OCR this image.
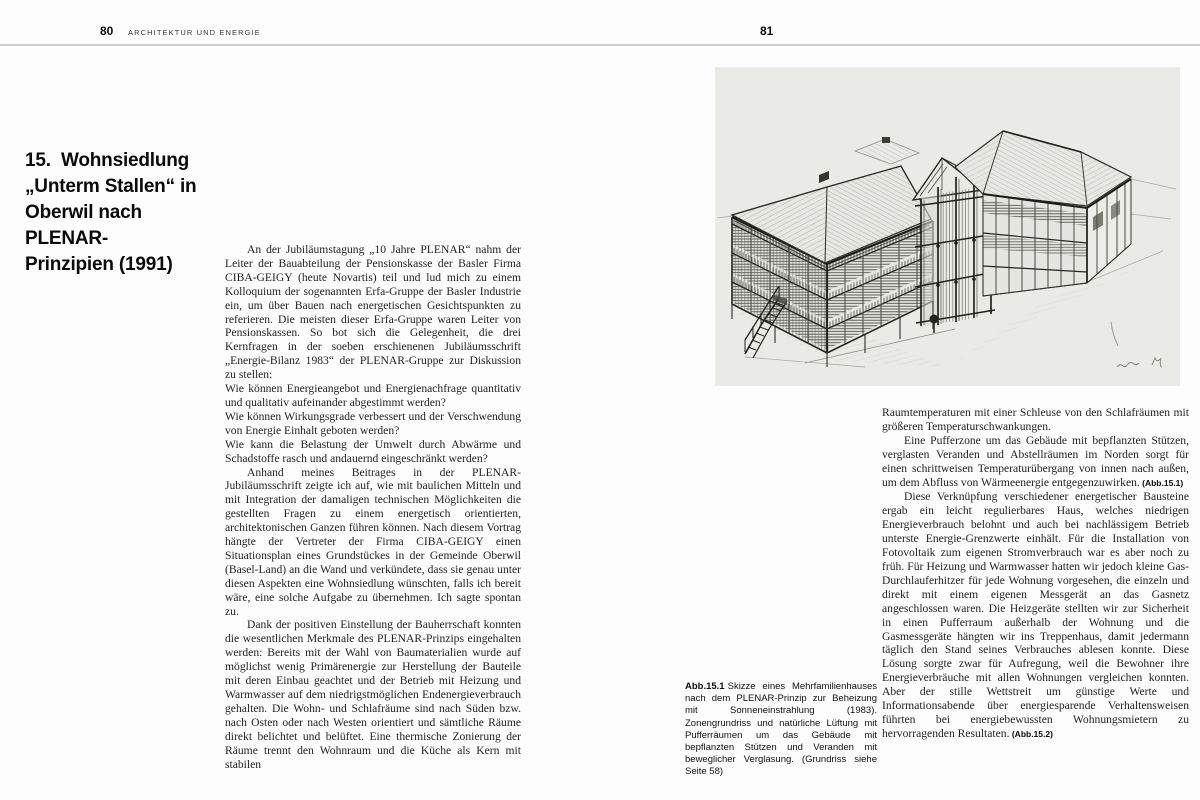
80 ARCHITEKTUR UND ENERGIE	81
15.  Wohnsiedlung
„Unterm Stallen“ in
Oberwil nach PLENAR-
Prinzipien (1991)

An der Jubiläumstagung „10 Jahre PLENAR“ nahm der Leiter der Bauabteilung der Pensionskasse der Basler Firma CIBA-GEIGY (heute Novartis) teil und lud mich zu einem Kolloquium der sogenannten Erfa-Gruppe der Basler Industrie ein, um über Bauen nach energetischen Gesichtspunkten zu referieren. Die meisten dieser Erfa-Gruppe waren Leiter von Pensionskassen. So bot sich die Gelegenheit, die drei Kernfragen in der soeben erschienenen Jubiläumsschrift „Energie-Bilanz 1983“ der PLENAR-Gruppe zur Diskussion zu stellen:

Wie können Energieangebot und Energienachfrage quantitativ und qualitativ aufeinander abgestimmt werden?

Wie können Wirkungsgrade verbessert und der Verschwendung von Energie Einhalt geboten werden?

Wie kann die Belastung der Umwelt durch Abwärme und Schadstoffe rasch und andauernd eingeschränkt werden?

Anhand meines Beitrages in der PLENAR-Jubiläumsschrift zeigte ich auf, wie mit baulichen Mitteln und mit Integration der damaligen technischen Möglichkeiten die gestellten Fragen zu einem energetisch orientierten, architektonischen Ganzen führen können. Nach diesem Vortrag hängte der Vertreter der Firma CIBA-GEIGY einen Situationsplan eines Grundstückes in der Gemeinde Oberwil (Basel-Land) an die Wand und verkündete, dass sie genau unter diesen Aspekten eine Wohnsiedlung wünschten, falls ich bereit wäre, eine solche Aufgabe zu übernehmen. Ich sagte spontan zu.

Dank der positiven Einstellung der Bauherrschaft konnten die wesentlichen Merkmale des PLENAR-Prinzips eingehalten werden: Bereits mit der Wahl von Baumaterialien wurde auf möglichst wenig Primärenergie zur Herstellung der Bauteile mit deren Einbau geachtet und der Betrieb mit Heizung und Warmwasser auf dem niedrigstmöglichen Endenergieverbrauch gehalten. Die Wohn- und Schlafräume sind nach Süden bzw. nach Osten oder nach Westen orientiert und sämtliche Räume direkt belichtet und belüftet. Eine thermische Zonierung der Räume trennt den Wohnraum und die Küche als Kern mit stabilen

Abb.15.1 Skizze eines Mehrfamilienhauses nach dem PLENAR-Prinzip zur Beheizung mit Sonneneinstrahlung (1983). Zonengrundriss und natürliche Lüftung mit Pufferräumen um das Gebäude mit bepflanzten Stützen und Veranden mit beweglicher Verglasung. (Grundriss siehe Seite 58)

Raumtemperaturen mit einer Schleuse von den Schlafräumen mit größeren Temperaturschwankungen.

Eine Pufferzone um das Gebäude mit bepflanzten Stützen, verglasten Veranden und Abstellräumen im Norden sorgt für einen schrittweisen Temperaturübergang von innen nach außen, um dem Abfluss von Wärmeenergie entgegenzuwirken. (Abb.15.1)

Diese Verknüpfung verschiedener energetischer Bausteine ergab ein leicht regulierbares Haus, welches niedrigen Energieverbrauch belohnt und auch bei nachlässigem Betrieb unterste Energie-Grenzwerte einhält. Für die Installation von Fotovoltaik zum eigenen Stromverbrauch war es aber noch zu früh. Für Heizung und Warmwasser hatten wir jedoch kleine Gas-Durchlauferhitzer für jede Wohnung vorgesehen, die einzeln und direkt mit einem eigenen Messgerät an das Gasnetz angeschlossen waren. Die Heizgeräte stellten wir zur Sicherheit in einen Pufferraum außerhalb der Wohnung und die Gasmessgeräte hängten wir ins Treppenhaus, damit jedermann täglich den Stand seines Verbrauches ablesen konnte. Diese Lösung sorgte zwar für Aufregung, weil die Bewohner ihre Energieverbräuche mit allen Wohnungen vergleichen konnten. Aber der stille Wettstreit um günstige Werte und Informationsabende über energiesparende Verhaltensweisen führten bei energiebewussten Wohnungsmietern zu hervorragenden Resultaten. (Abb.15.2)
